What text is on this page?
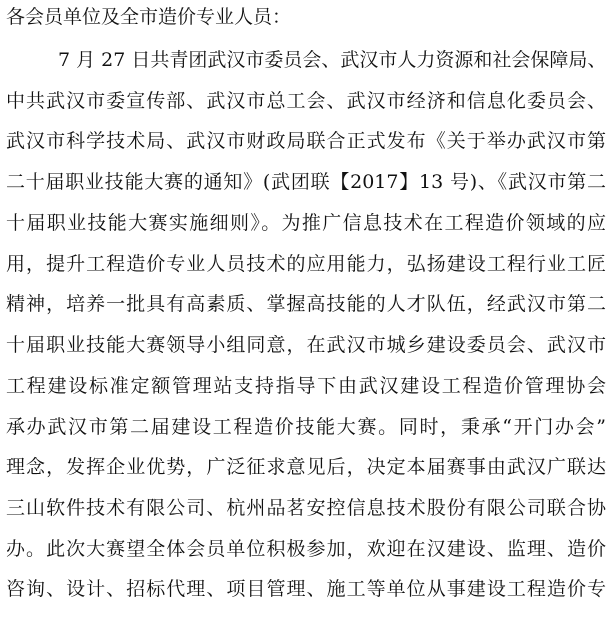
各会员单位及全市造价专业人员：
7 月 27 日共青团武汉市委员会、武汉市人力资源和社会保障局、
中共武汉市委宣传部、武汉市总工会、武汉市经济和信息化委员会、
武汉市科学技术局、武汉市财政局联合正式发布《关于举办武汉市第
二十届职业技能大赛的通知》(武团联【2017】13 号)、《武汉市第二
十届职业技能大赛实施细则》。为推广信息技术在工程造价领域的应
用，提升工程造价专业人员技术的应用能力，弘扬建设工程行业工匠
精神，培养一批具有高素质、掌握高技能的人才队伍，经武汉市第二
十届职业技能大赛领导小组同意，在武汉市城乡建设委员会、武汉市
工程建设标准定额管理站支持指导下由武汉建设工程造价管理协会
承办武汉市第二届建设工程造价技能大赛。同时，秉承“开门办会”
理念，发挥企业优势，广泛征求意见后，决定本届赛事由武汉广联达
三山软件技术有限公司、杭州品茗安控信息技术股份有限公司联合协
办。此次大赛望全体会员单位积极参加，欢迎在汉建设、监理、造价
咨询、设计、招标代理、项目管理、施工等单位从事建设工程造价专
